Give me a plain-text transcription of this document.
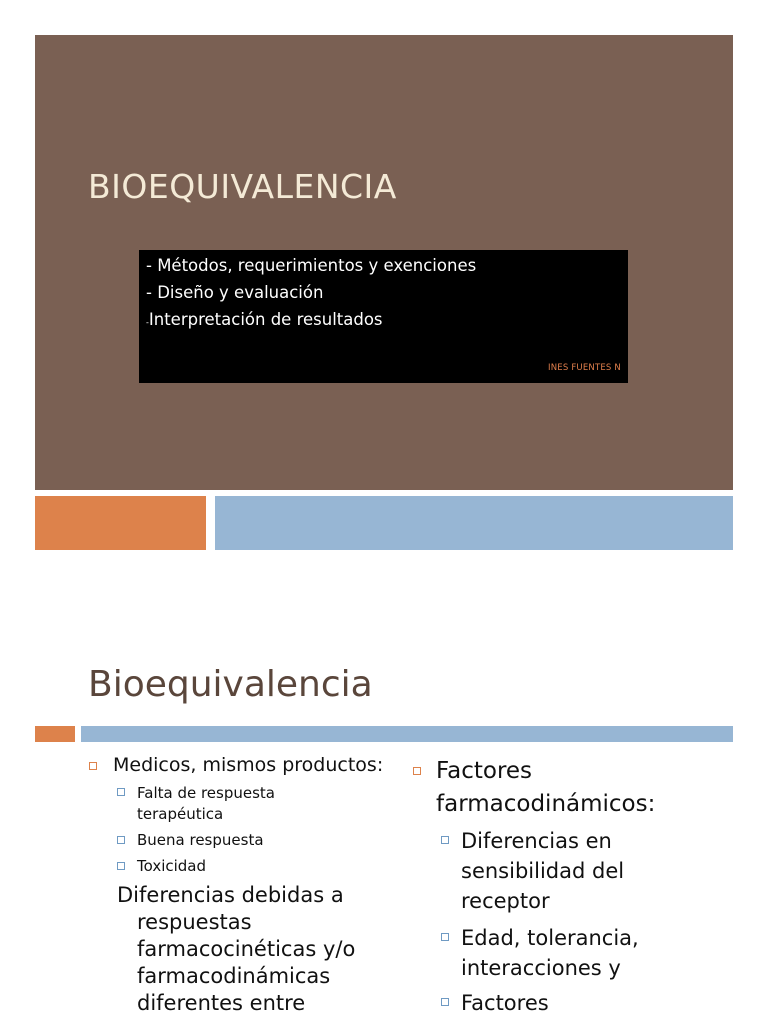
BIOEQUIVALENCIA
- Métodos, requerimientos y exenciones
- Diseño y evaluación
-Interpretación de resultados
INES FUENTES N
Bioequivalencia
Medicos, mismos productos:
Falta de respuesta
terapéutica
Buena respuesta
Toxicidad
Diferencias debidas a
respuestas
farmacocinéticas y/o
farmacodinámicas
diferentes entre
Factores
farmacodinámicos:
Diferencias en
sensibilidad del
receptor
Edad, tolerancia,
interacciones y
Factores
